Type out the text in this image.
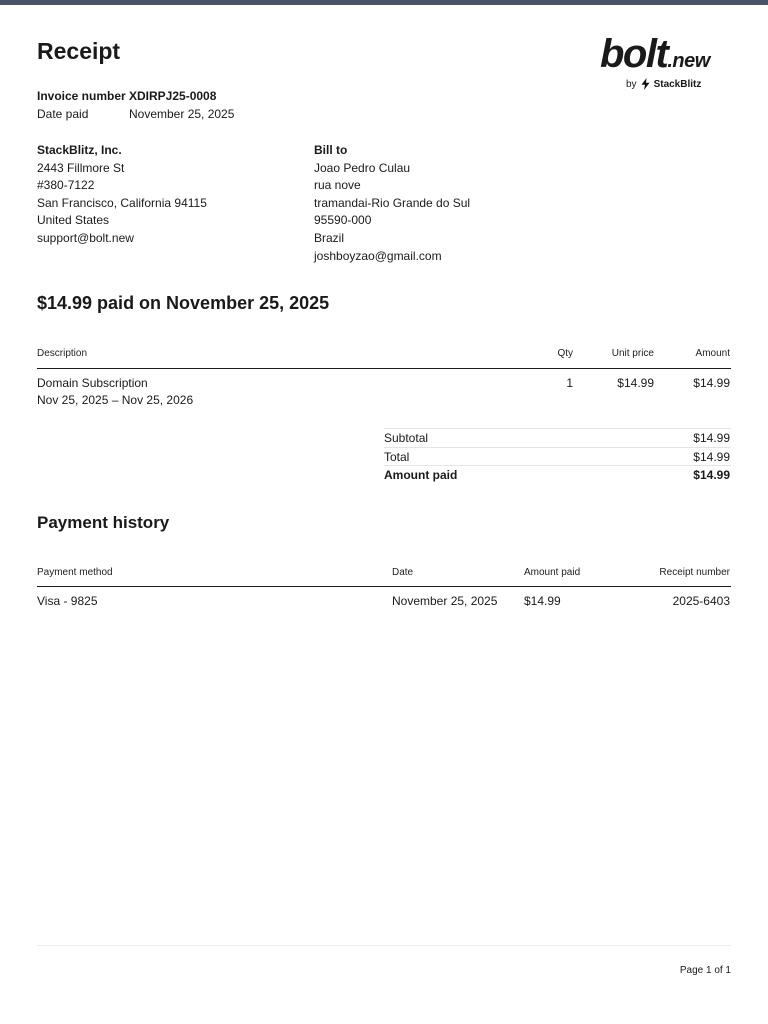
Receipt	bolt.new
by StackBlitz
Invoice number XDIRPJ25-0008
Date paid	November 25, 2025
StackBlitz, Inc.
2443 Fillmore St
#380-7122
San Francisco, California 94115
United States
support@bolt.new
Bill to
Joao Pedro Culau
rua nove
tramandai-Rio Grande do Sul
95590-000
Brazil
joshboyzao@gmail.com
$14.99 paid on November 25, 2025
Description	Qty	Unit price	Amount
Domain Subscription
Nov 25, 2025 – Nov 25, 2026
1	$14.99	$14.99
Subtotal	$14.99
Total	$14.99
Amount paid	$14.99
Payment history
Payment method	Date	Amount paid	Receipt number
Visa - 9825	November 25, 2025 $14.99	2025-6403
Page 1 of 1
